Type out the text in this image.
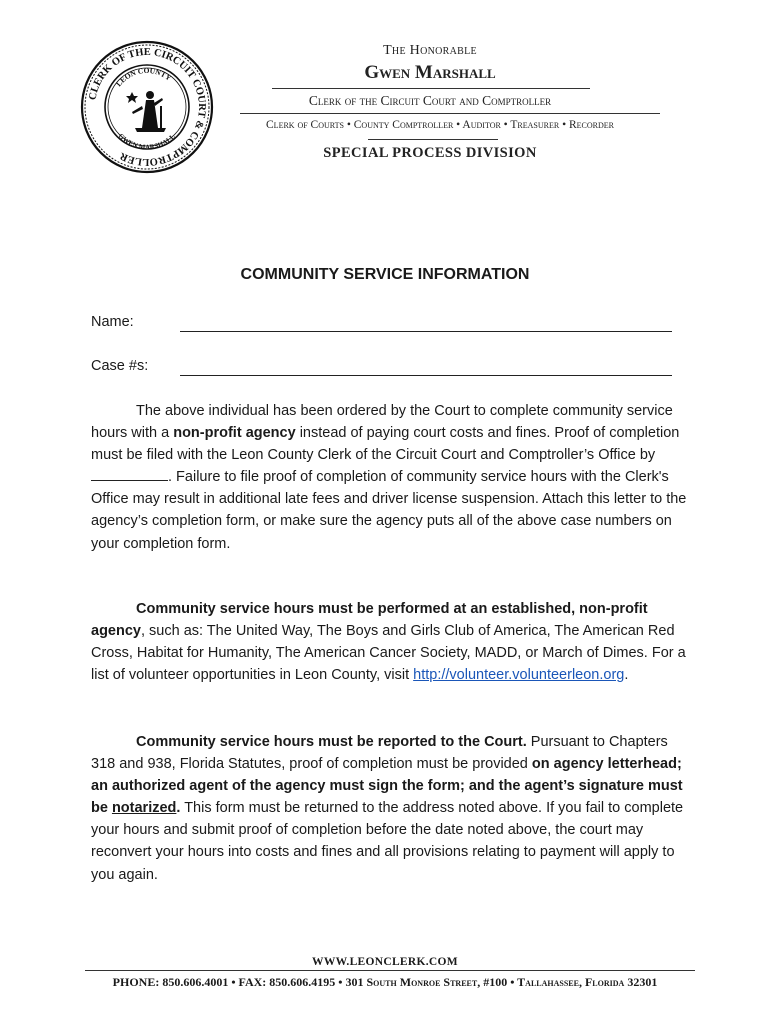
CLERK OF THE CIRCUIT COURT & COMPTROLLER
LEON COUNTY
GWEN MARSHALL
The Honorable
Gwen Marshall
Clerk of the Circuit Court and Comptroller
Clerk of Courts • County Comptroller • Auditor • Treasurer • Recorder
SPECIAL PROCESS DIVISION
COMMUNITY SERVICE INFORMATION
Name:
Case #s:

The above individual has been ordered by the Court to complete community service hours with a non-profit agency instead of paying court costs and fines. Proof of completion must be filed with the Leon County Clerk of the Circuit Court and Comptroller’s Office by . Failure to file proof of completion of community service hours with the Clerk's Office may result in additional late fees and driver license suspension. Attach this letter to the agency’s completion form, or make sure the agency puts all of the above case numbers on your completion form.

Community service hours must be performed at an established, non-profit agency, such as: The United Way, The Boys and Girls Club of America, The American Red Cross, Habitat for Humanity, The American Cancer Society, MADD, or March of Dimes. For a list of volunteer opportunities in Leon County, visit http://volunteer.volunteerleon.org.

Community service hours must be reported to the Court. Pursuant to Chapters 318 and 938, Florida Statutes, proof of completion must be provided on agency letterhead; an authorized agent of the agency must sign the form; and the agent’s signature must be notarized. This form must be returned to the address noted above. If you fail to complete your hours and submit proof of completion before the date noted above, the court may reconvert your hours into costs and fines and all provisions relating to payment will apply to you again.

WWW.LEONCLERK.COM
PHONE: 850.606.4001 • FAX: 850.606.4195 • 301 South Monroe Street, #100 • Tallahassee, Florida 32301
